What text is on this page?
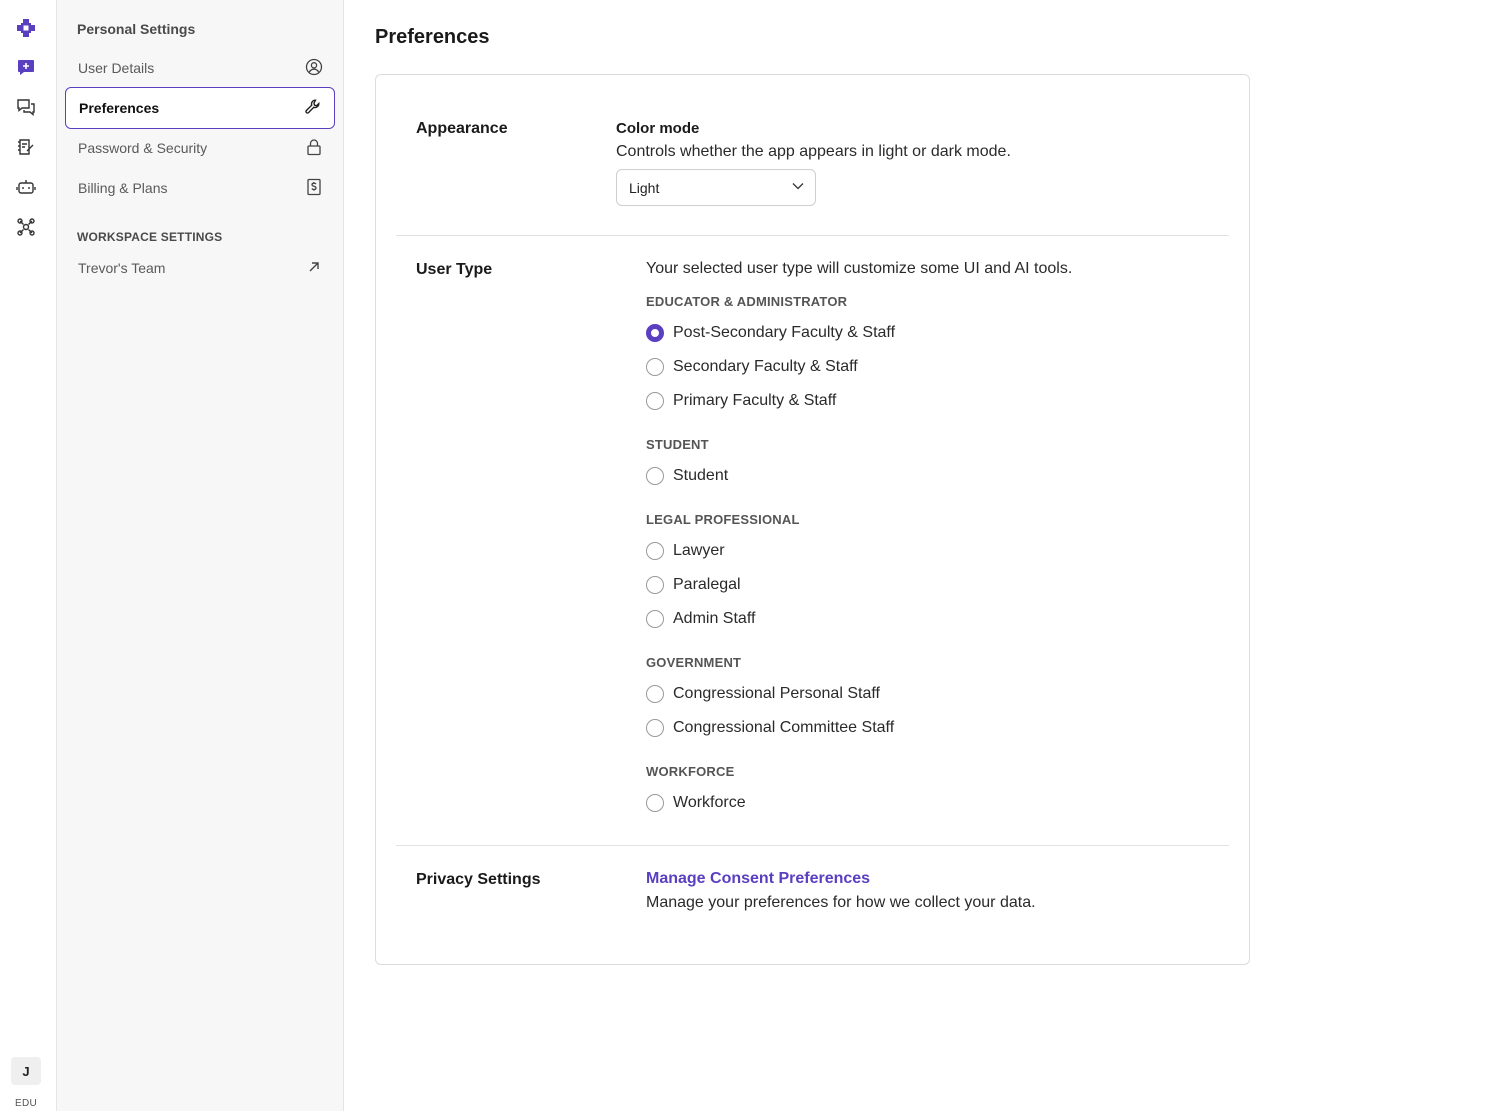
J
EDU
Personal Settings
User Details
Preferences
Password & Security
Billing & Plans
WORKSPACE SETTINGS
Trevor's Team
Preferences
Appearance	Color mode
Controls whether the app appears in light or dark mode.
Light
User Type	Your selected user type will customize some UI and AI tools.
EDUCATOR & ADMINISTRATOR
Post-Secondary Faculty & Staff
Secondary Faculty & Staff
Primary Faculty & Staff
STUDENT
Student
LEGAL PROFESSIONAL
Lawyer
Paralegal
Admin Staff
GOVERNMENT
Congressional Personal Staff
Congressional Committee Staff
WORKFORCE
Workforce
Privacy Settings	Manage Consent Preferences
Manage your preferences for how we collect your data.
